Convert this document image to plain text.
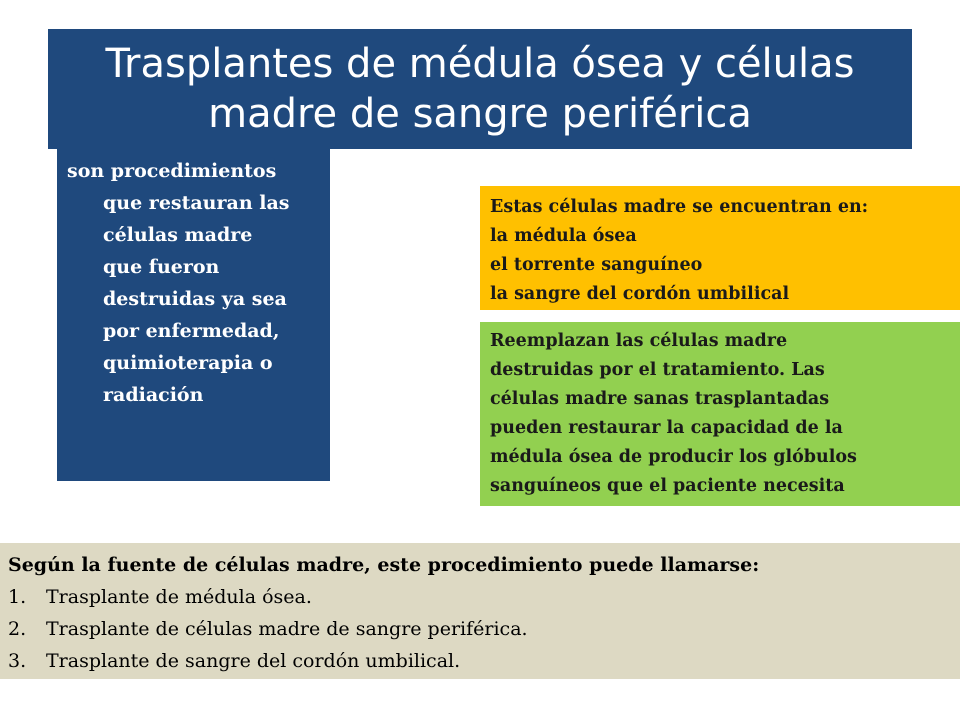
Trasplantes de médula ósea y células
madre de sangre periférica
son procedimientos
que restauran las
células madre
que fueron
destruidas ya sea
por enfermedad,
quimioterapia o
radiación
Estas células madre se encuentran en:
la médula ósea
el torrente sanguíneo
la sangre del cordón umbilical
Reemplazan las células madre
destruidas por el tratamiento. Las
células madre sanas trasplantadas
pueden restaurar la capacidad de la
médula ósea de producir los glóbulos
sanguíneos que el paciente necesita
Según la fuente de células madre, este procedimiento puede llamarse:
1.	Trasplante de médula ósea.
2.	Trasplante de células madre de sangre periférica.
3.	Trasplante de sangre del cordón umbilical.
